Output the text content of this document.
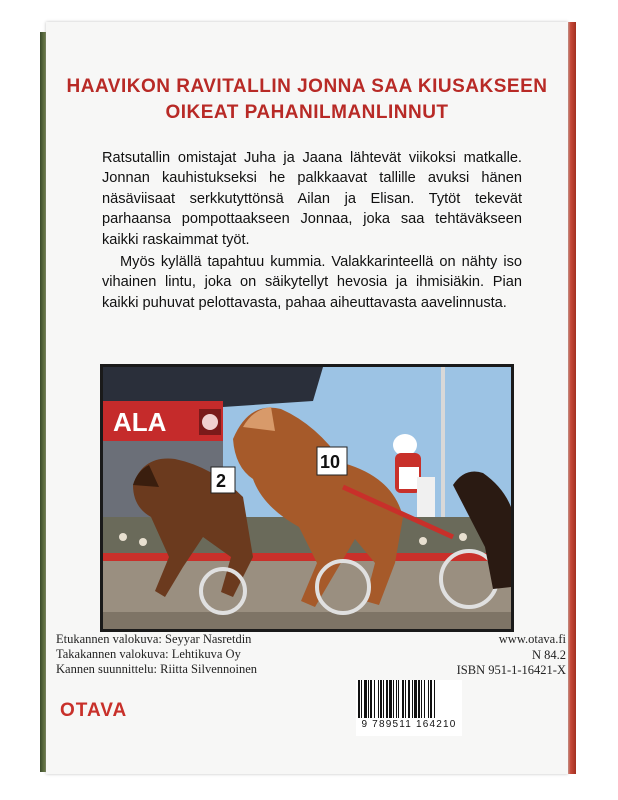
HAAVIKON RAVITALLIN JONNA SAA KIUSAKSEEN
OIKEAT PAHANILMANLINNUT

Ratsutallin omistajat Juha ja Jaana lähtevät viikoksi matkalle. Jonnan kauhistukseksi he palkkaavat tallille avuksi hänen näsäviisaat serkkutyttönsä Ailan ja Elisan. Tytöt tekevät parhaansa pompottaakseen Jonnaa, joka saa tehtäväkseen kaikki raskaimmat työt.

Myös kylällä tapahtuu kummia. Valakkarinteellä on nähty iso vihainen lintu, joka on säikytellyt hevosia ja ihmisiäkin. Pian kaikki puhuvat pelottavasta, pahaa aiheuttavasta aavelinnusta.

ALA
2
10
Etukannen valokuva: Seyyar Nasretdin
Takakannen valokuva: Lehtikuva Oy
Kannen suunnittelu: Riitta Silvennoinen
www.otava.fi
N 84.2
ISBN 951-1-16421-X
OTAVA
9 789511 164210
